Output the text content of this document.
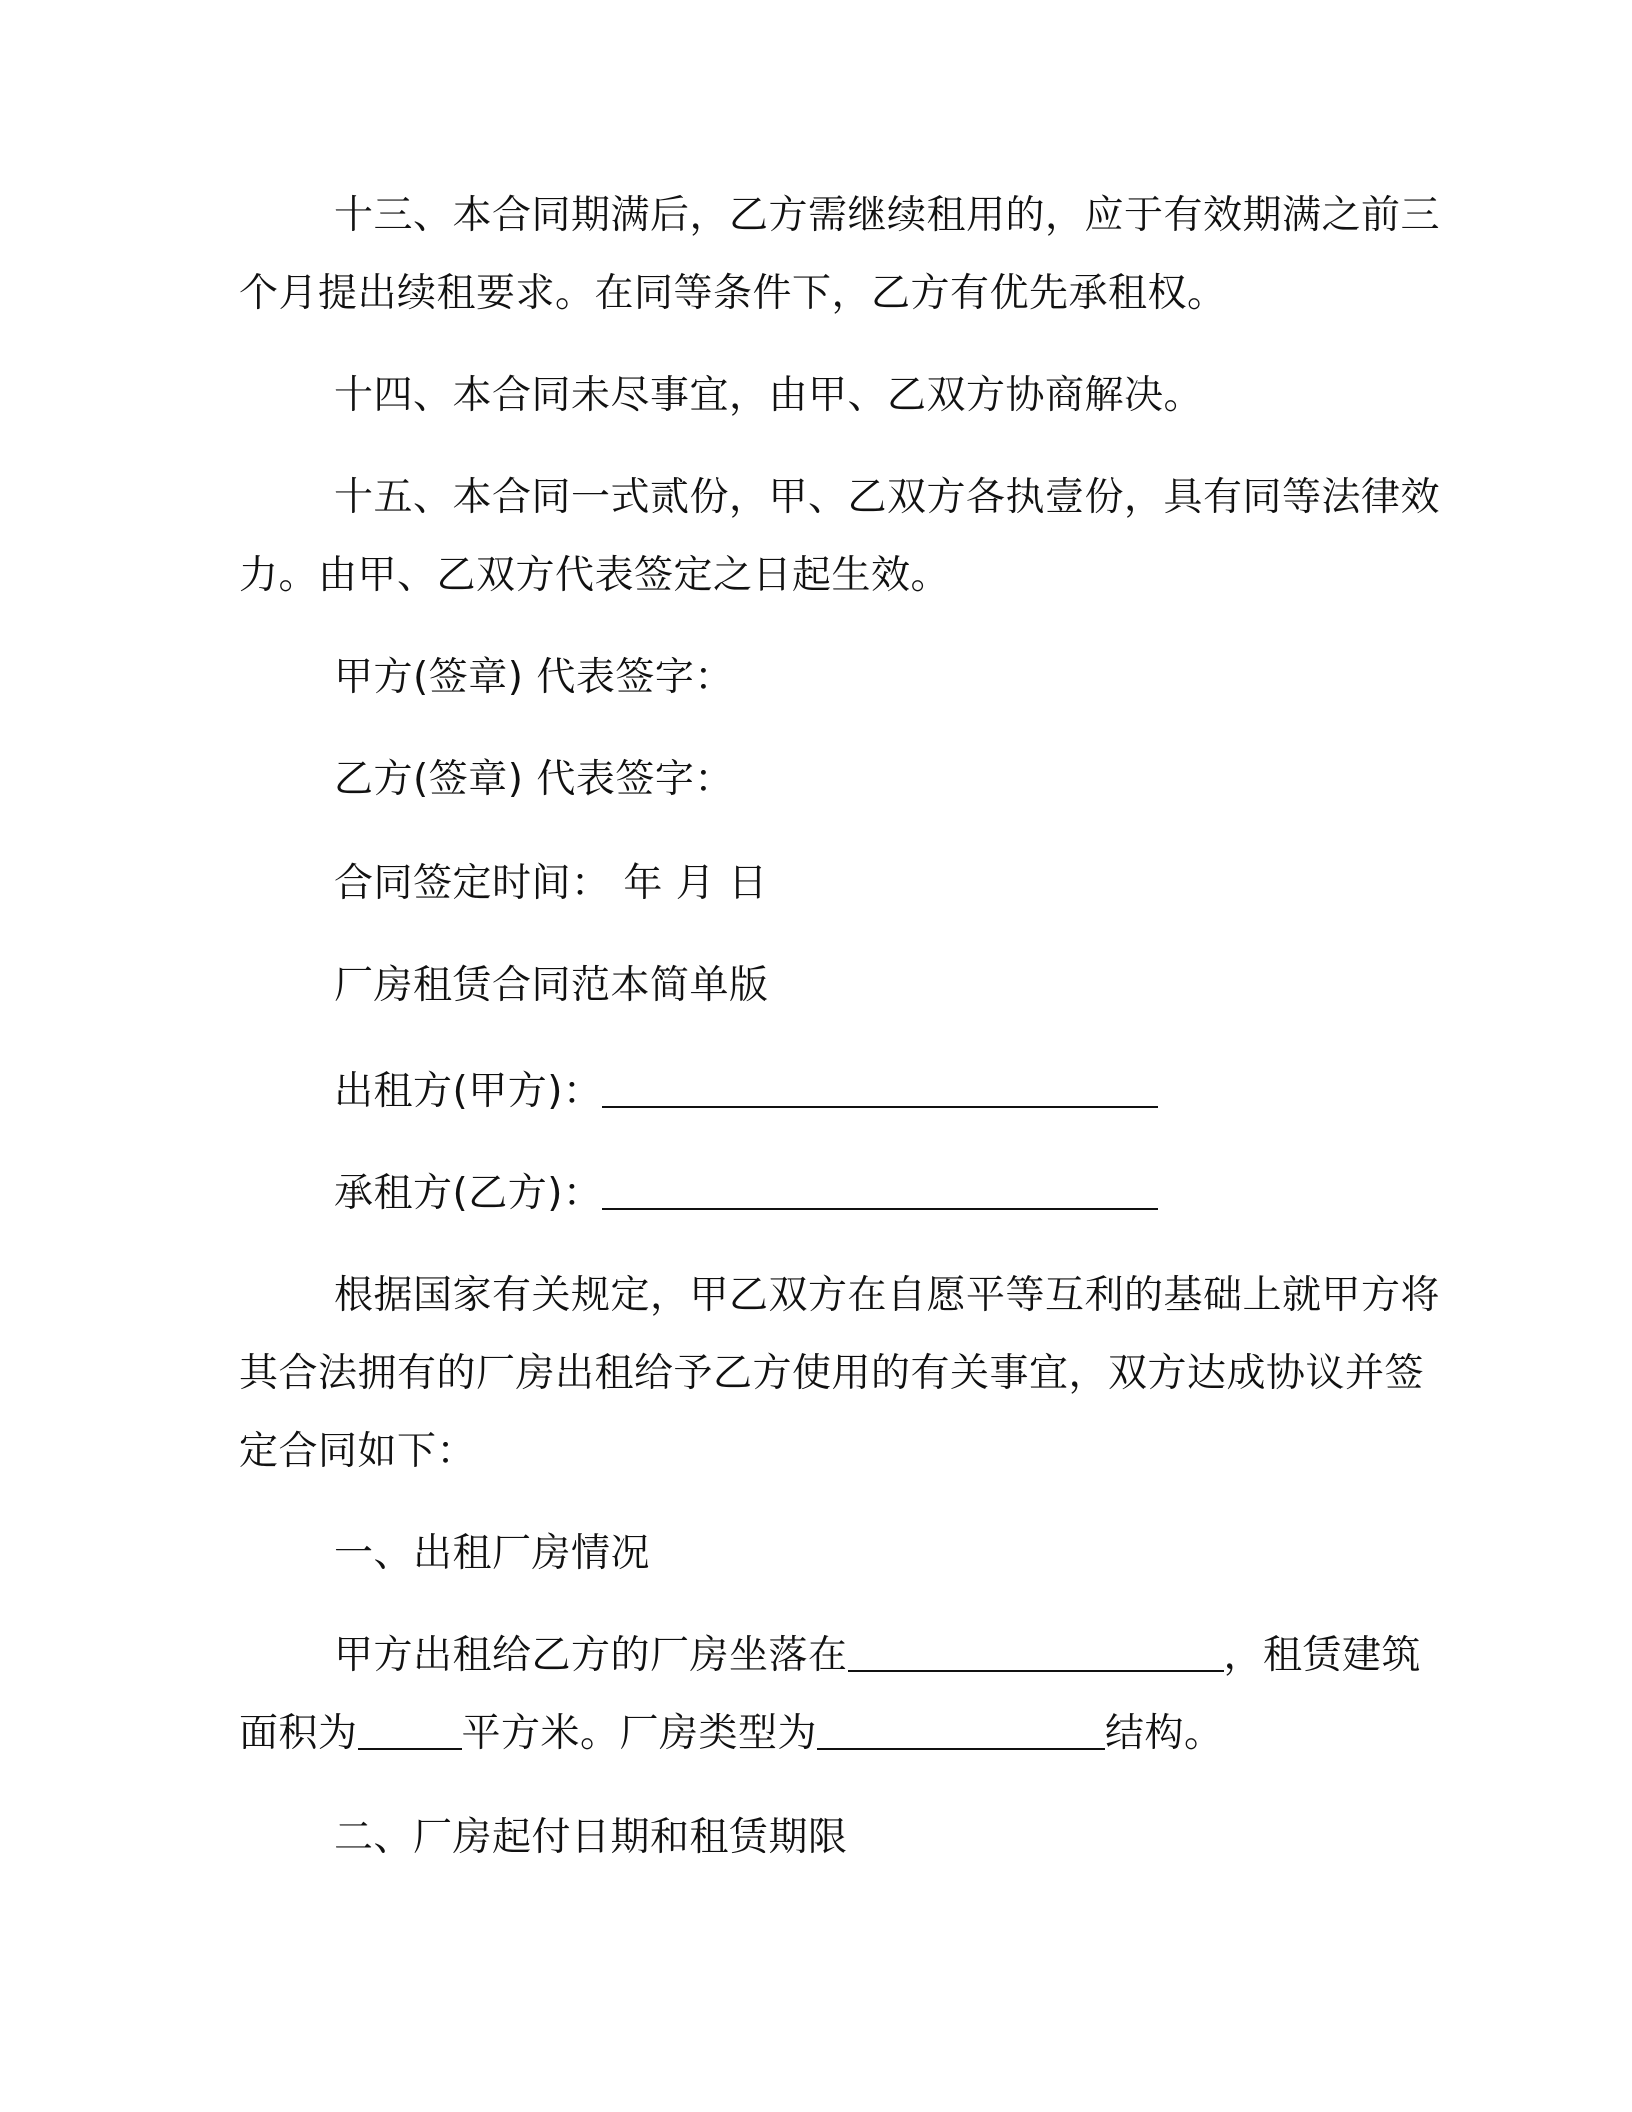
十三、本合同期满后，乙方需继续租用的，应于有效期满之前三
个月提出续租要求。在同等条件下，乙方有优先承租权。
十四、本合同未尽事宜，由甲、乙双方协商解决。
十五、本合同一式贰份，甲、乙双方各执壹份，具有同等法律效
力。由甲、乙双方代表签定之日起生效。
甲方(签章) 代表签字：
乙方(签章) 代表签字：
合同签定时间： 年 月 日
厂房租赁合同范本简单版
出租方(甲方)：
承租方(乙方)：
根据国家有关规定，甲乙双方在自愿平等互利的基础上就甲方将
其合法拥有的厂房出租给予乙方使用的有关事宜，双方达成协议并签
定合同如下：
一、出租厂房情况
甲方出租给乙方的厂房坐落在	，租赁建筑
面积为	平方米。厂房类型为	结构。
二、厂房起付日期和租赁期限
